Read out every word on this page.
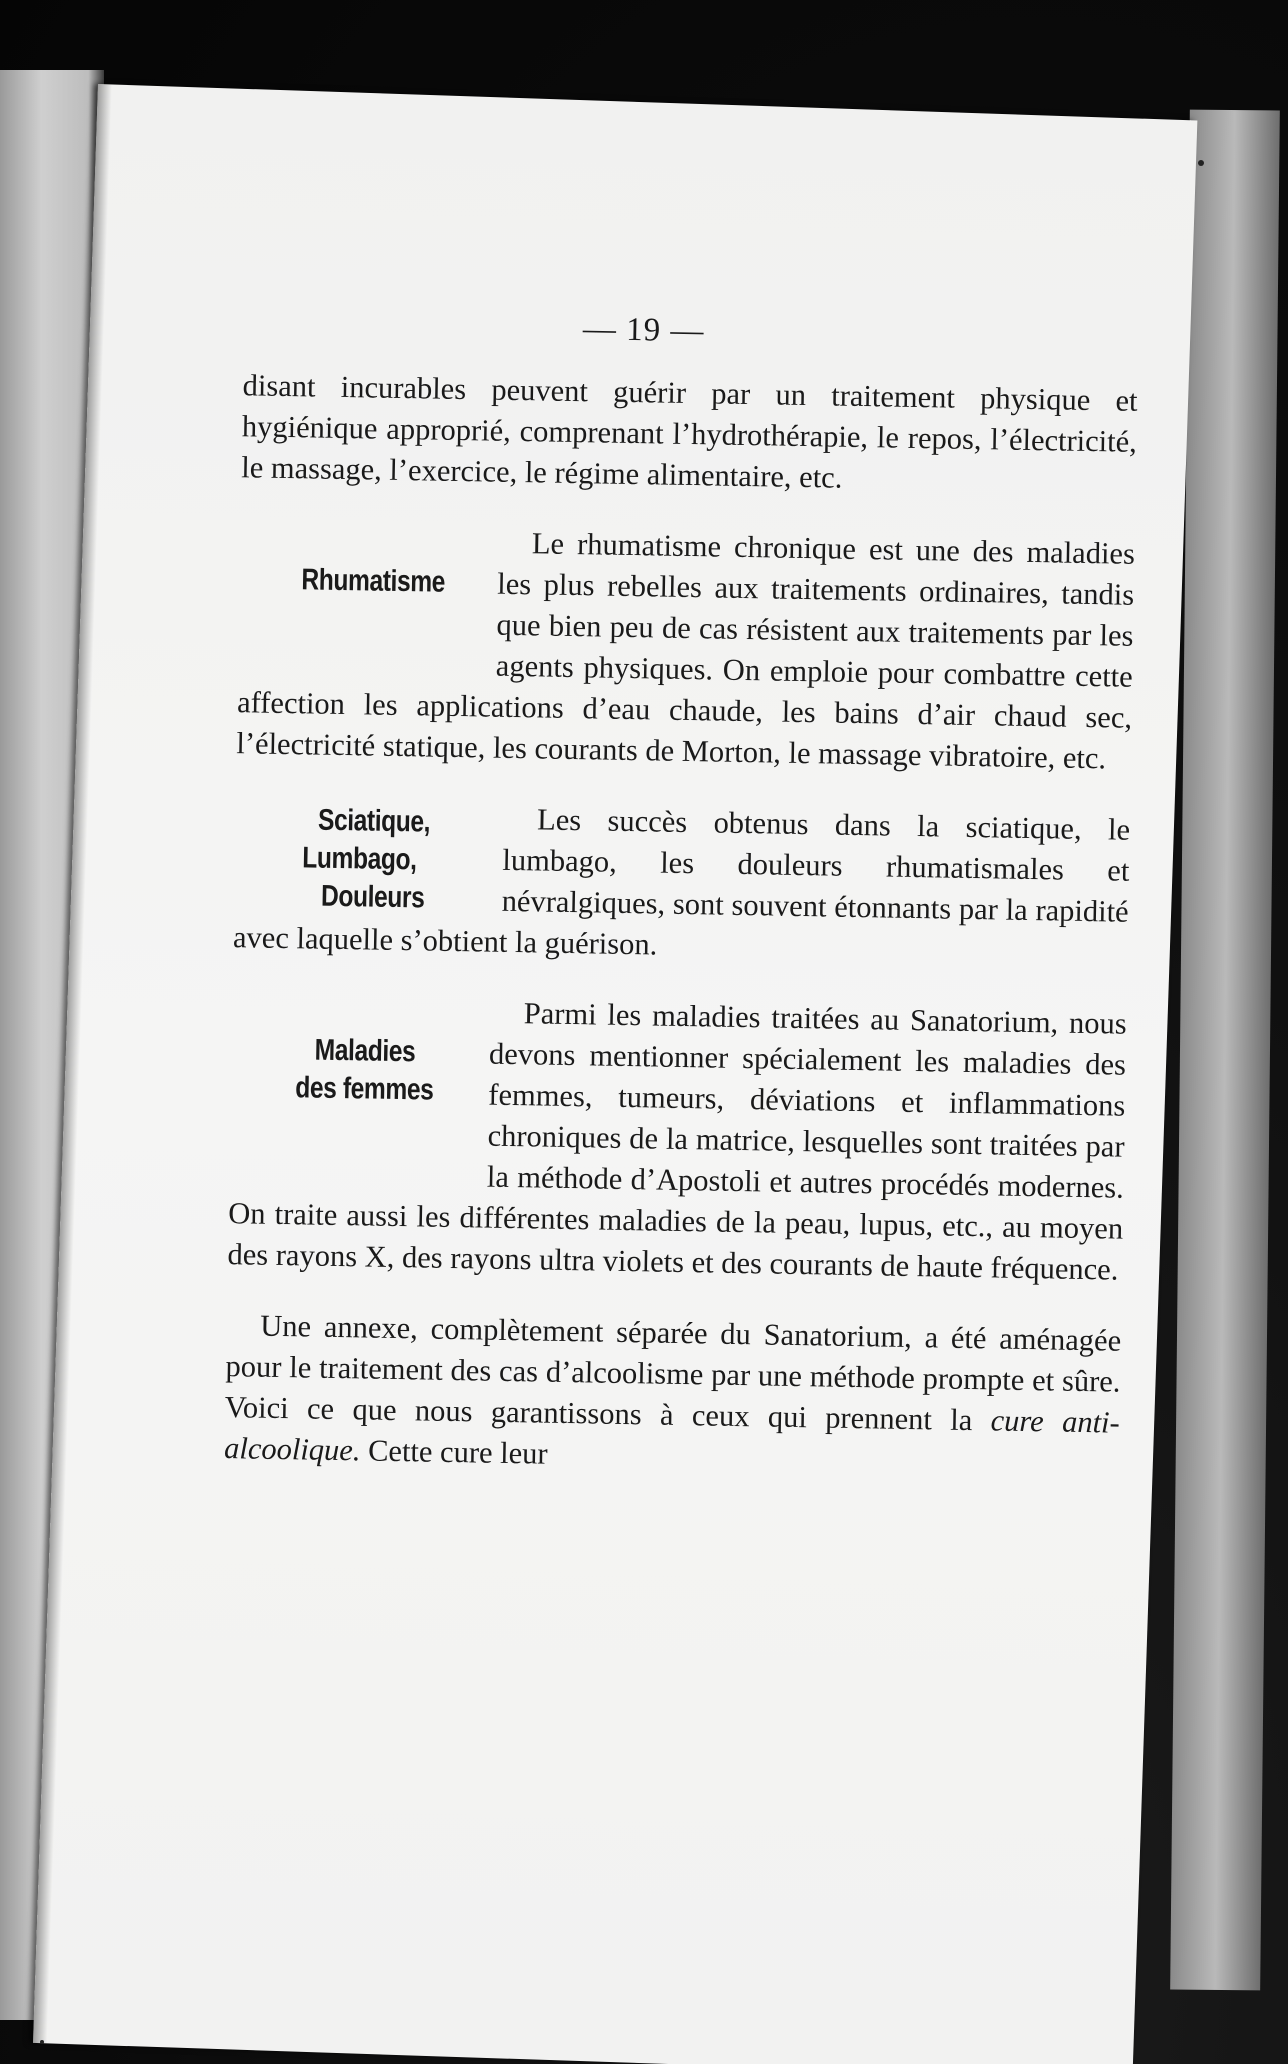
— 19 —

disant incurables peuvent guérir par un traitement physique et hygiénique approprié, comprenant l’hydrothérapie, le repos, l’électricité, le massage, l’exercice, le régime alimentaire, etc.

Rhumatisme
Le rhumatisme chronique est une des maladies les plus rebelles aux traitements ordinaires, tandis que bien peu de cas résistent aux traitements par les agents physiques. On emploie pour combattre cette affection les applications d’eau chaude, les bains d’air chaud sec, l’électricité statique, les courants de Morton, le massage vibratoire, etc.

Sciatique, Lumbago,
Douleurs
Les succès obtenus dans la sciatique, le lumbago, les douleurs rhumatismales et névralgiques, sont souvent étonnants par la rapidité avec laquelle s’obtient la guérison.

Maladies
des femmes
Parmi les maladies traitées au Sanatorium, nous devons mentionner spécialement les maladies des femmes, tumeurs, déviations et inflammations chroniques de la matrice, lesquelles sont traitées par la méthode d’Apostoli et autres procédés modernes. On traite aussi les différentes maladies de la peau, lupus, etc., au moyen des rayons X, des rayons ultra violets et des courants de haute fréquence.

Une annexe, complètement séparée du Sanatorium, a été aménagée pour le traitement des cas d’alcoolisme par une méthode prompte et sûre. Voici ce que nous garantissons à ceux qui prennent la cure anti-alcoolique. Cette cure leur
